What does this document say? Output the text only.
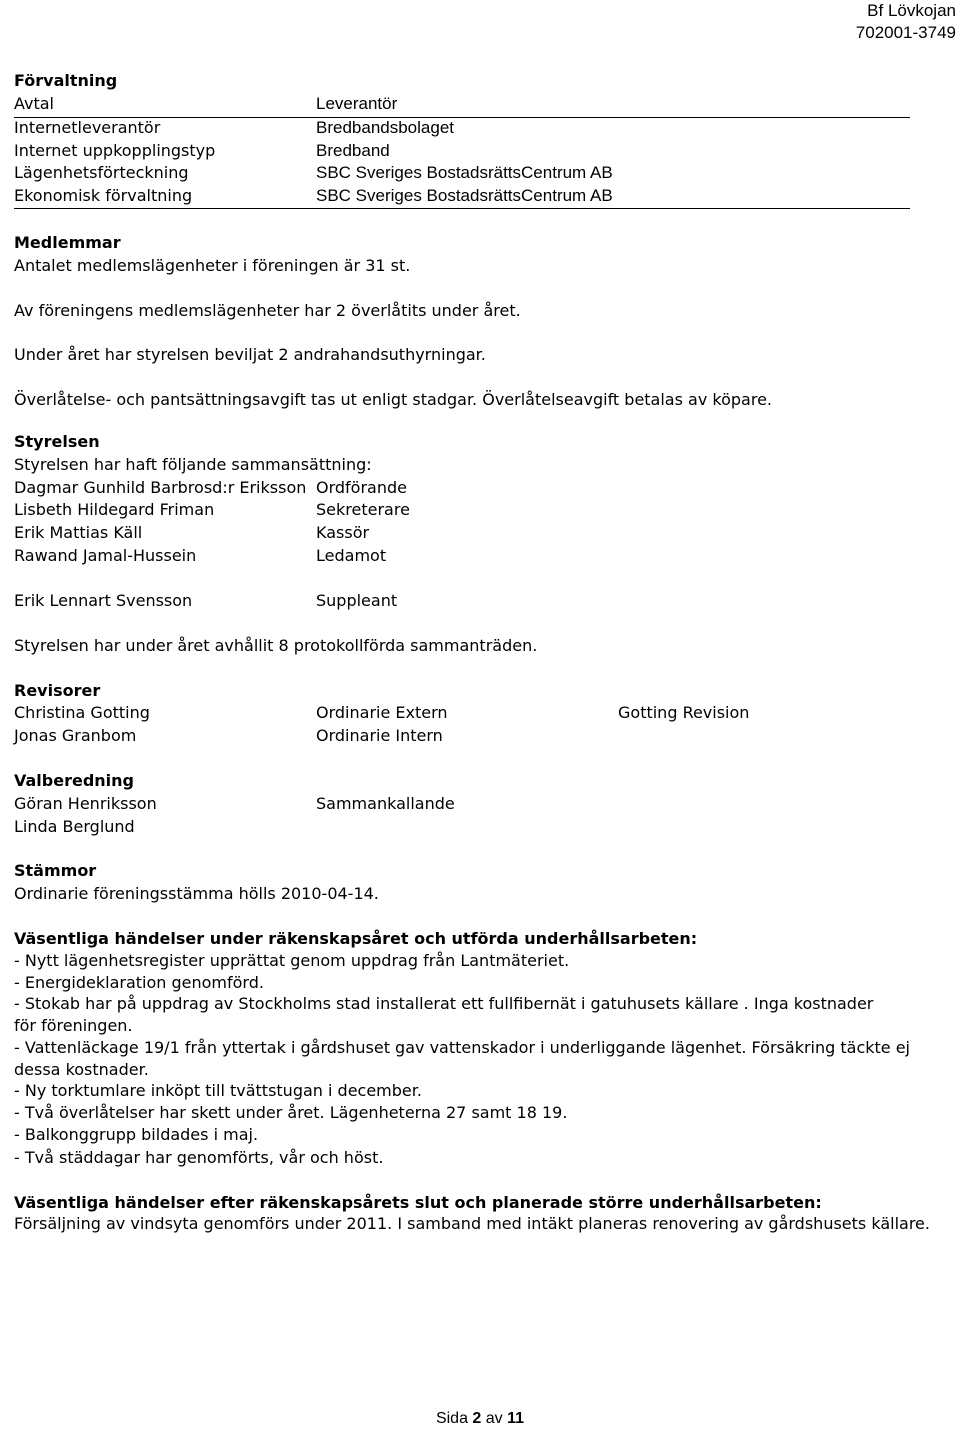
Bf Lövkojan
702001-3749
Förvaltning
Avtal	Leverantör
Internetleverantör	Bredbandsbolaget
Internet uppkopplingstyp	Bredband
Lägenhetsförteckning	SBC Sveriges BostadsrättsCentrum AB
Ekonomisk förvaltning	SBC Sveriges BostadsrättsCentrum AB
Medlemmar
Antalet medlemslägenheter i föreningen är 31 st.
Av föreningens medlemslägenheter har 2 överlåtits under året.
Under året har styrelsen beviljat 2 andrahandsuthyrningar.
Överlåtelse- och pantsättningsavgift tas ut enligt stadgar. Överlåtelseavgift betalas av köpare.
Styrelsen
Styrelsen har haft följande sammansättning:
Dagmar Gunhild Barbrosd:r Eriksson Ordförande
Lisbeth Hildegard Friman	Sekreterare
Erik Mattias Käll	Kassör
Rawand Jamal-Hussein	Ledamot
Erik Lennart Svensson	Suppleant
Styrelsen har under året avhållit 8 protokollförda sammanträden.
Revisorer
Christina Gotting	Ordinarie Extern	Gotting Revision
Jonas Granbom	Ordinarie Intern
Valberedning
Göran Henriksson	Sammankallande
Linda Berglund
Stämmor
Ordinarie föreningsstämma hölls 2010-04-14.
Väsentliga händelser under räkenskapsåret och utförda underhållsarbeten:
- Nytt lägenhetsregister upprättat genom uppdrag från Lantmäteriet.
- Energideklaration genomförd.
- Stokab har på uppdrag av Stockholms stad installerat ett fullfibernät i gatuhusets källare . Inga kostnader för föreningen.
- Vattenläckage 19/1 från yttertak i gårdshuset gav vattenskador i underliggande lägenhet. Försäkring täckte ej dessa kostnader.
- Ny torktumlare inköpt till tvättstugan i december.
- Två överlåtelser har skett under året. Lägenheterna 27 samt 18 19.
- Balkonggrupp bildades i maj.
- Två städdagar har genomförts, vår och höst.
Väsentliga händelser efter räkenskapsårets slut och planerade större underhållsarbeten:
Försäljning av vindsyta genomförs under 2011. I samband med intäkt planeras renovering av gårdshusets källare.
Sida 2 av 11
